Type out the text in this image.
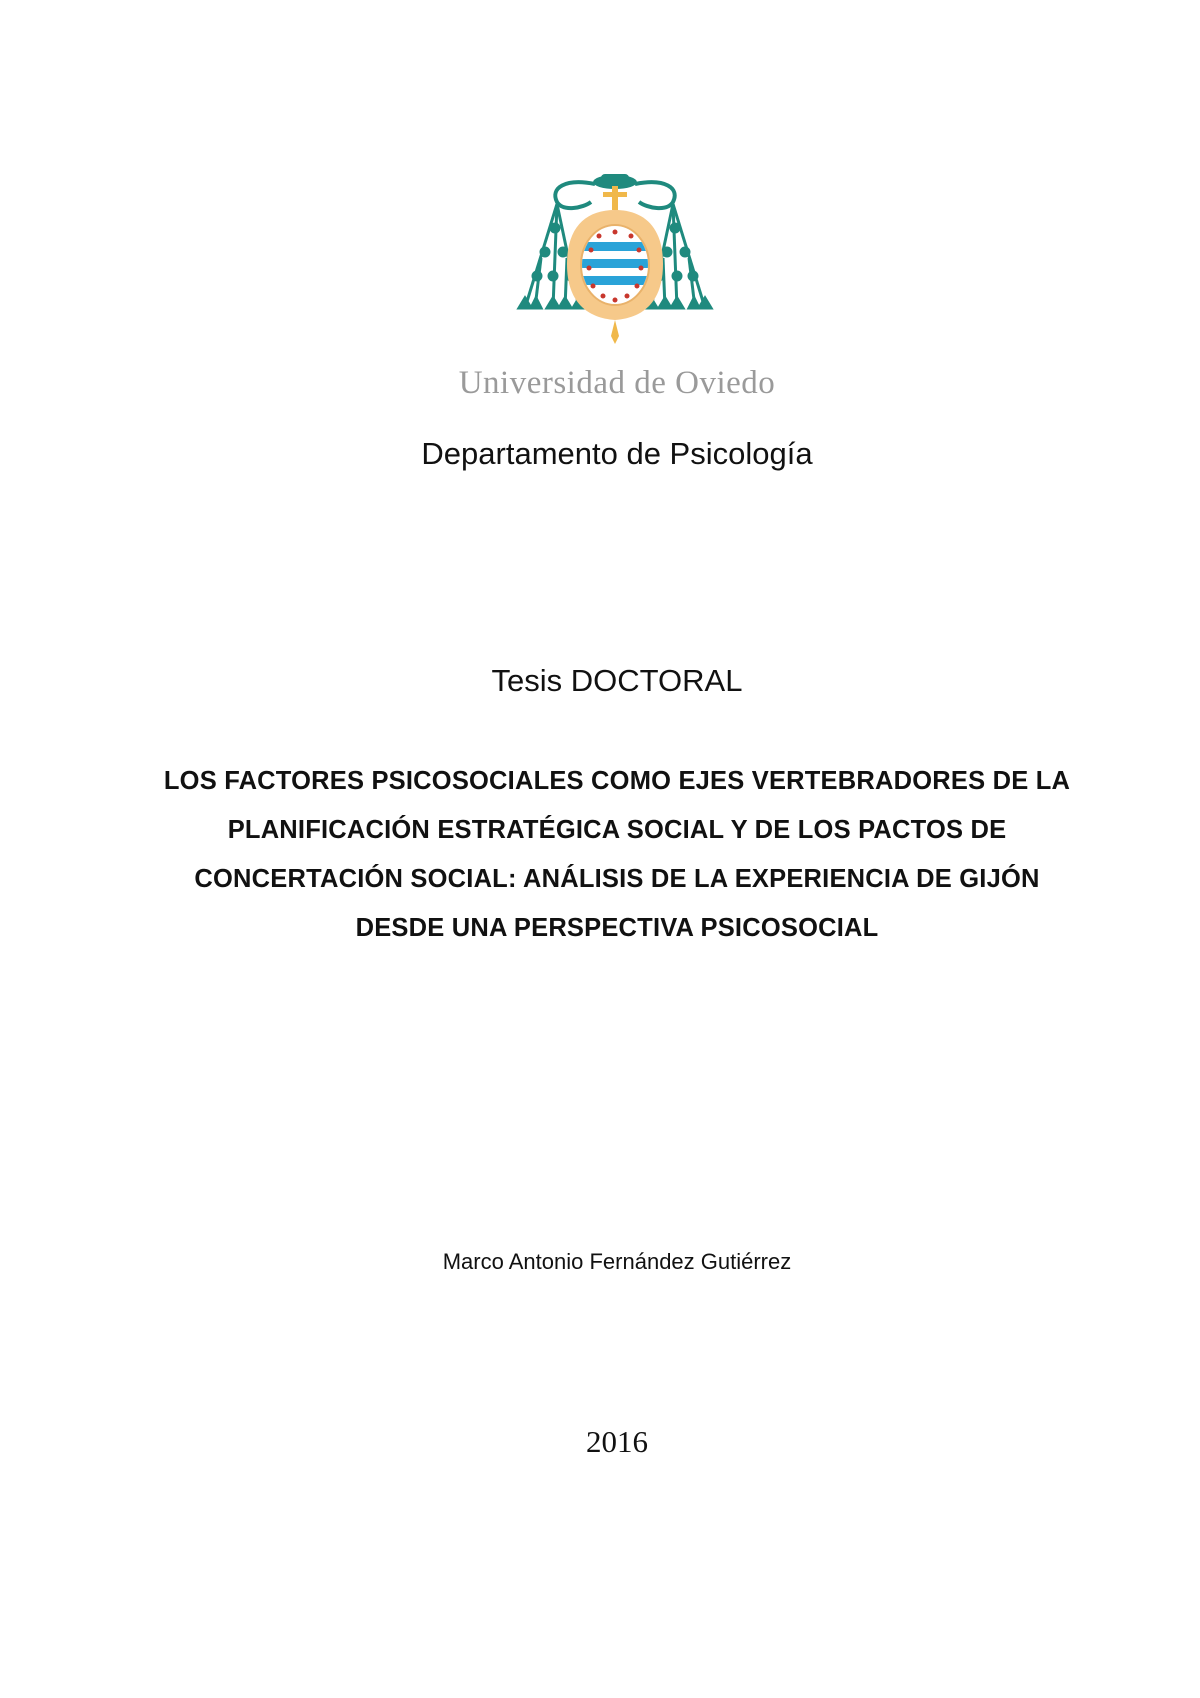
Universidad de Oviedo

Departamento de Psicología

Tesis DOCTORAL

LOS FACTORES PSICOSOCIALES COMO EJES VERTEBRADORES DE LA
PLANIFICACIÓN ESTRATÉGICA SOCIAL Y DE LOS PACTOS DE
CONCERTACIÓN SOCIAL: ANÁLISIS DE LA EXPERIENCIA DE GIJÓN
DESDE UNA PERSPECTIVA PSICOSOCIAL

Marco Antonio Fernández Gutiérrez

2016
